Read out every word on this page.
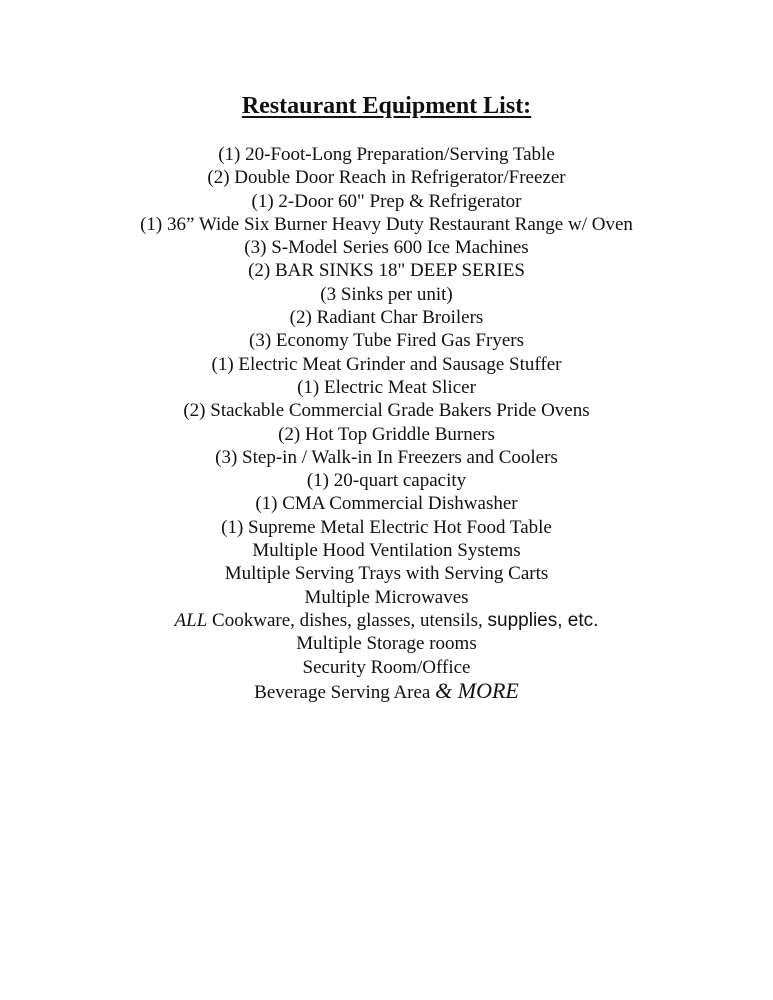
Restaurant Equipment List:
(1) 20-Foot-Long Preparation/Serving Table
(2) Double Door Reach in Refrigerator/Freezer
(1) 2-Door 60" Prep & Refrigerator
(1) 36” Wide Six Burner Heavy Duty Restaurant Range w/ Oven
(3) S-Model Series 600 Ice Machines
(2) BAR SINKS 18" DEEP SERIES
(3 Sinks per unit)
(2) Radiant Char Broilers
(3) Economy Tube Fired Gas Fryers
(1) Electric Meat Grinder and Sausage Stuffer
(1) Electric Meat Slicer
(2) Stackable Commercial Grade Bakers Pride Ovens
(2) Hot Top Griddle Burners
(3) Step-in / Walk-in In Freezers and Coolers
(1) 20-quart capacity
(1) CMA Commercial Dishwasher
(1) Supreme Metal Electric Hot Food Table
Multiple Hood Ventilation Systems
Multiple Serving Trays with Serving Carts
Multiple Microwaves
ALL Cookware, dishes, glasses, utensils, supplies, etc.
Multiple Storage rooms
Security Room/Office
Beverage Serving Area & MORE
